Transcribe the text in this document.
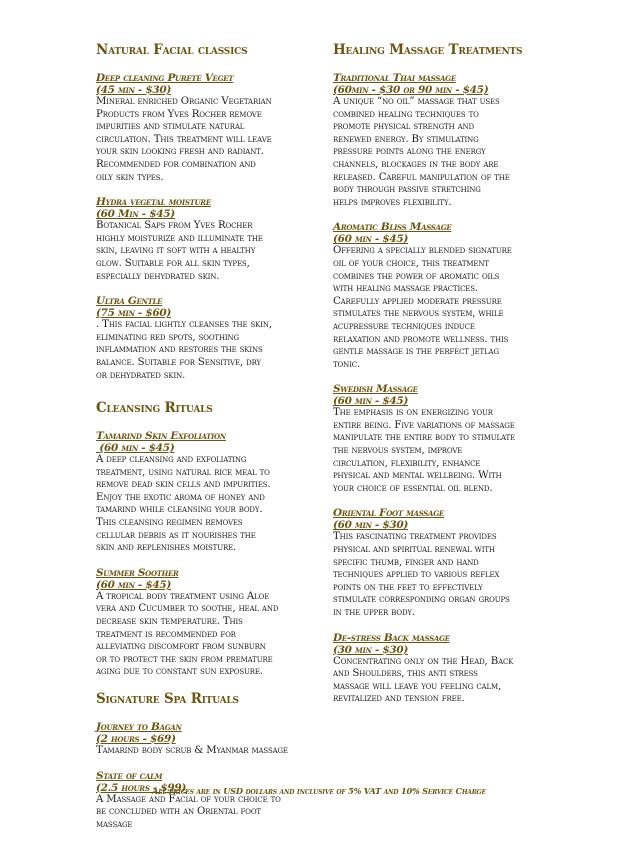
Natural Facial classics
Deep cleaning Purete Veget
(45 min - $30)
Mineral enriched Organic Vegetarian
Products from Yves Rocher remove
impurities and stimulate natural
circulation. This treatment will leave
your skin looking fresh and radiant.
Recommended for combination and
oily skin types.
Hydra vegetal moisture
(60 Min - $45)
Botanical Saps from Yves Rocher
highly moisturize and illuminate the
skin, leaving it soft with a healthy
glow. Suitable for all skin types,
especially dehydrated skin.
Ultra Gentle
(75 min - $60)
. This facial lightly cleanses the skin,
eliminating red spots, soothing
inflammation and restores the skins
balance. Suitable for Sensitive, dry
or dehydrated skin.
Cleansing Rituals
Tamarind Skin Exfoliation
(60 min - $45)
A deep cleansing and exfoliating
treatment, using natural rice meal to
remove dead skin cells and impurities.
Enjoy the exotic aroma of honey and
tamarind while cleansing your body.
This cleansing regimen removes
cellular debris as it nourishes the
skin and replenishes moisture.
Summer Soother
(60 min - $45)
A tropical body treatment using Aloe
vera and Cucumber to soothe, heal and
decrease skin temperature. This
treatment is recommended for
alleviating discomfort from sunburn
or to protect the skin from premature
aging due to constant sun exposure.
Signature Spa Rituals
Journey to Bagan
(2 hours - $69)
Tamarind body scrub & Myanmar massage
State of calm
(2.5 hours - $99)
A Massage and Facial of your choice to
be concluded with an Oriental foot
massage
Healing Massage Treatments
Traditional Thai massage
(60min - $30 or 90 min - $45)
A unique “no oil” massage that uses
combined healing techniques to
promote physical strength and
renewed energy. By stimulating
pressure points along the energy
channels, blockages in the body are
released. Careful manipulation of the
body through passive stretching
helps improves flexibility.
Aromatic Bliss Massage
(60 min - $45)
Offering a specially blended signature
oil of your choice, this treatment
combines the power of aromatic oils
with healing massage practices.
Carefully applied moderate pressure
stimulates the nervous system, while
acupressure techniques induce
relaxation and promote wellness. this
gentle massage is the perfect jetlag
tonic.
Swedish Massage
(60 min - $45)
The emphasis is on energizing your
entire being. Five variations of massage
manipulate the entire body to stimulate
the nervous system, improve
circulation, flexibility, enhance
physical and mental wellbeing. With
your choice of essential oil blend.
Oriental Foot massage
(60 min - $30)
This fascinating treatment provides
physical and spiritual renewal with
specific thumb, finger and hand
techniques applied to various reflex
points on the feet to effectively
stimulate corresponding organ groups
in the upper body.
De-stress Back massage
(30 min - $30)
Concentrating only on the Head, Back
and Shoulders, this anti stress
massage will leave you feeling calm,
revitalized and tension free.
All prices are in USD dollars and inclusive of 5% VAT and 10% Service Charge
